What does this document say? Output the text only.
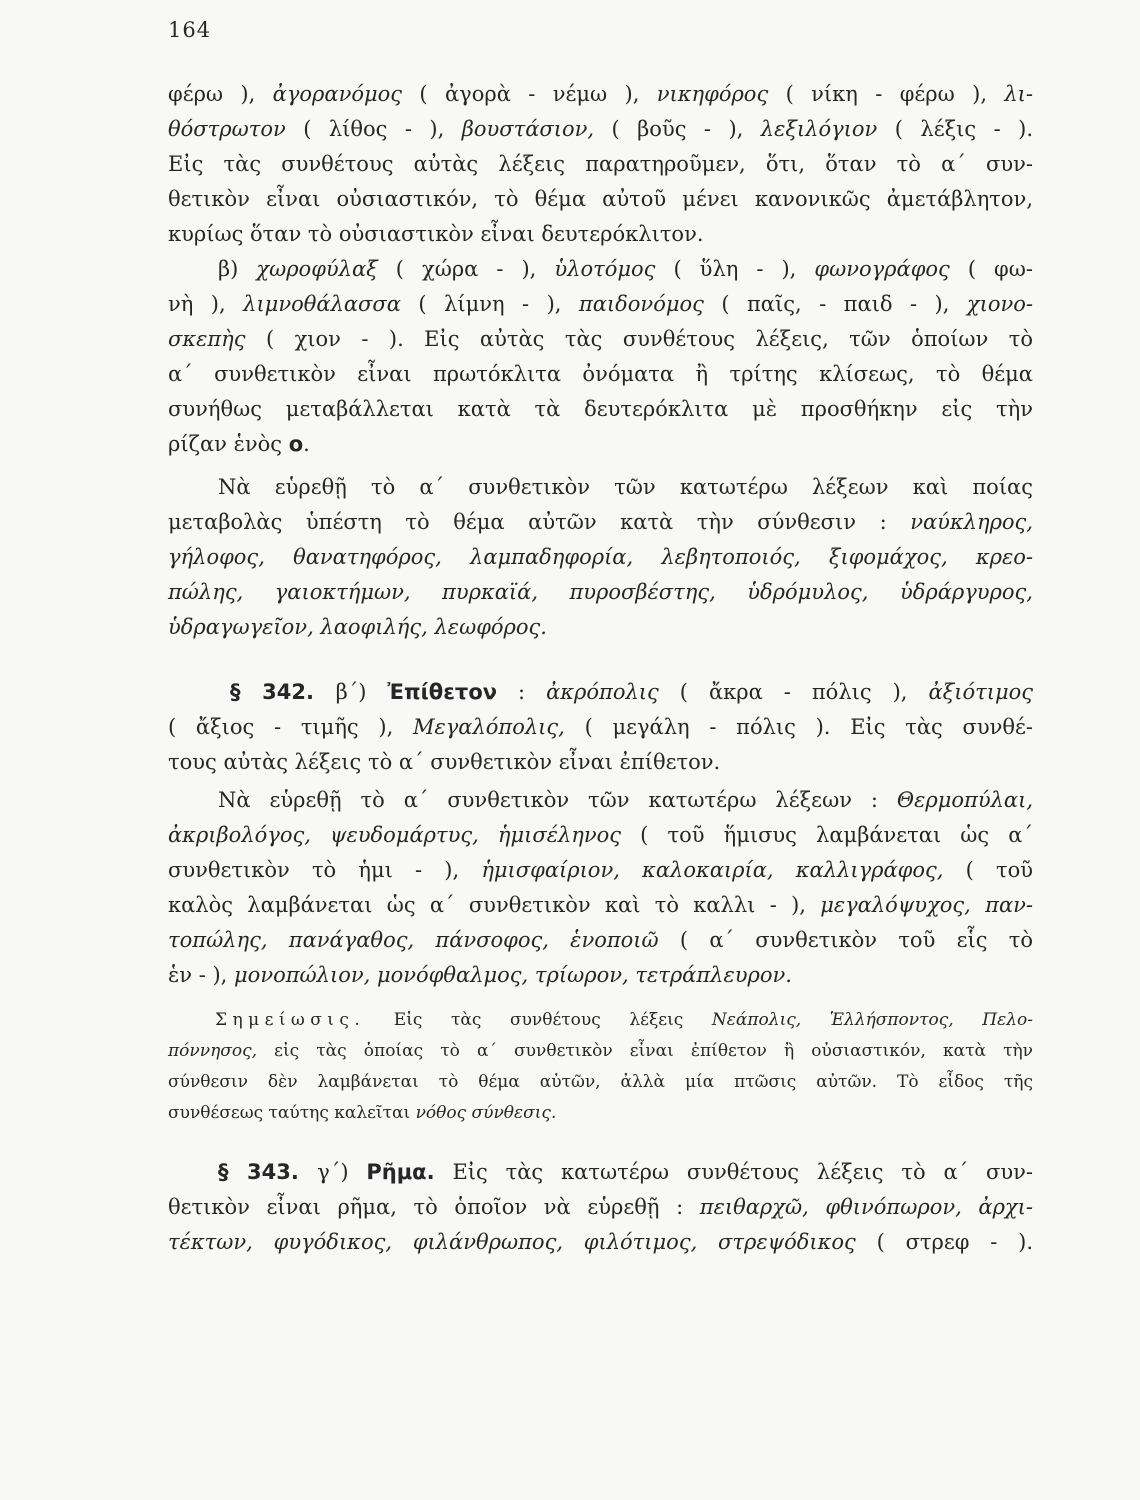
164
φέρω ), ἀγορανόμος ( ἀγορὰ - νέμω ), νικηφόρος ( νίκη - φέρω ), λι-
θόστρωτον ( λίθος - ), βουστάσιον, ( βοῦς - ), λεξιλόγιον ( λέξις - ).
Εἰς τὰς συνθέτους αὐτὰς λέξεις παρατηροῦμεν, ὅτι, ὅταν τὸ α΄ συν-
θετικὸν εἶναι οὐσιαστικόν, τὸ θέμα αὐτοῦ μένει κανονικῶς ἀμετάβλητον,
κυρίως ὅταν τὸ οὐσιαστικὸν εἶναι δευτερόκλιτον.
β) χωροφύλαξ ( χώρα - ), ὑλοτόμος ( ὕλη - ), φωνογράφος ( φω-
νὴ ), λιμνοθάλασσα ( λίμνη - ), παιδονόμος ( παῖς, - παιδ - ), χιονο-
σκεπὴς ( χιον - ). Εἰς αὐτὰς τὰς συνθέτους λέξεις, τῶν ὁποίων τὸ
α΄ συνθετικὸν εἶναι πρωτόκλιτα ὀνόματα ἢ τρίτης κλίσεως, τὸ θέμα
συνήθως μεταβάλλεται κατὰ τὰ δευτερόκλιτα μὲ προσθήκην εἰς τὴν
ρίζαν ἑνὸς ο.
Νὰ εὑρεθῇ τὸ α΄ συνθετικὸν τῶν κατωτέρω λέξεων καὶ ποίας
μεταβολὰς ὑπέστη τὸ θέμα αὐτῶν κατὰ τὴν σύνθεσιν : ναύκληρος,
γήλοφος, θανατηφόρος, λαμπαδηφορία, λεβητοποιός, ξιφομάχος, κρεο-
πώλης, γαιοκτήμων, πυρκαϊά, πυροσβέστης, ὑδρόμυλος, ὑδράργυρος,
ὑδραγωγεῖον, λαοφιλής, λεωφόρος.
§ 342. β΄) Ἐπίθετον : ἀκρόπολις ( ἄκρα - πόλις ), ἀξιότιμος
( ἄξιος - τιμῆς ), Μεγαλόπολις, ( μεγάλη - πόλις ). Εἰς τὰς συνθέ-
τους αὐτὰς λέξεις τὸ α΄ συνθετικὸν εἶναι ἐπίθετον.
Νὰ εὑρεθῇ τὸ α΄ συνθετικὸν τῶν κατωτέρω λέξεων : Θερμοπύλαι,
ἀκριβολόγος, ψευδομάρτυς, ἡμισέληνος ( τοῦ ἥμισυς λαμβάνεται ὡς α΄
συνθετικὸν τὸ ἡμι - ), ἡμισφαίριον, καλοκαιρία, καλλιγράφος, ( τοῦ
καλὸς λαμβάνεται ὡς α΄ συνθετικὸν καὶ τὸ καλλι - ), μεγαλόψυχος, παν-
τοπώλης, πανάγαθος, πάνσοφος, ἑνοποιῶ ( α΄ συνθετικὸν τοῦ εἷς τὸ
ἑν - ), μονοπώλιον, μονόφθαλμος, τρίωρον, τετράπλευρον.
Σημείωσις. Εἰς τὰς συνθέτους λέξεις Νεάπολις, Ἑλλήσποντος, Πελο-
πόννησος, εἰς τὰς ὁποίας τὸ α΄ συνθετικὸν εἶναι ἐπίθετον ἢ οὐσιαστικόν, κατὰ τὴν
σύνθεσιν δὲν λαμβάνεται τὸ θέμα αὐτῶν, ἀλλὰ μία πτῶσις αὐτῶν. Τὸ εἶδος τῆς
συνθέσεως ταύτης καλεῖται νόθος σύνθεσις.
§ 343. γ΄) Ρῆμα. Εἰς τὰς κατωτέρω συνθέτους λέξεις τὸ α΄ συν-
θετικὸν εἶναι ρῆμα, τὸ ὁποῖον νὰ εὑρεθῇ : πειθαρχῶ, φθινόπωρον, ἀρχι-
τέκτων, φυγόδικος, φιλάνθρωπος, φιλότιμος, στρεψόδικος ( στρεφ - ).
